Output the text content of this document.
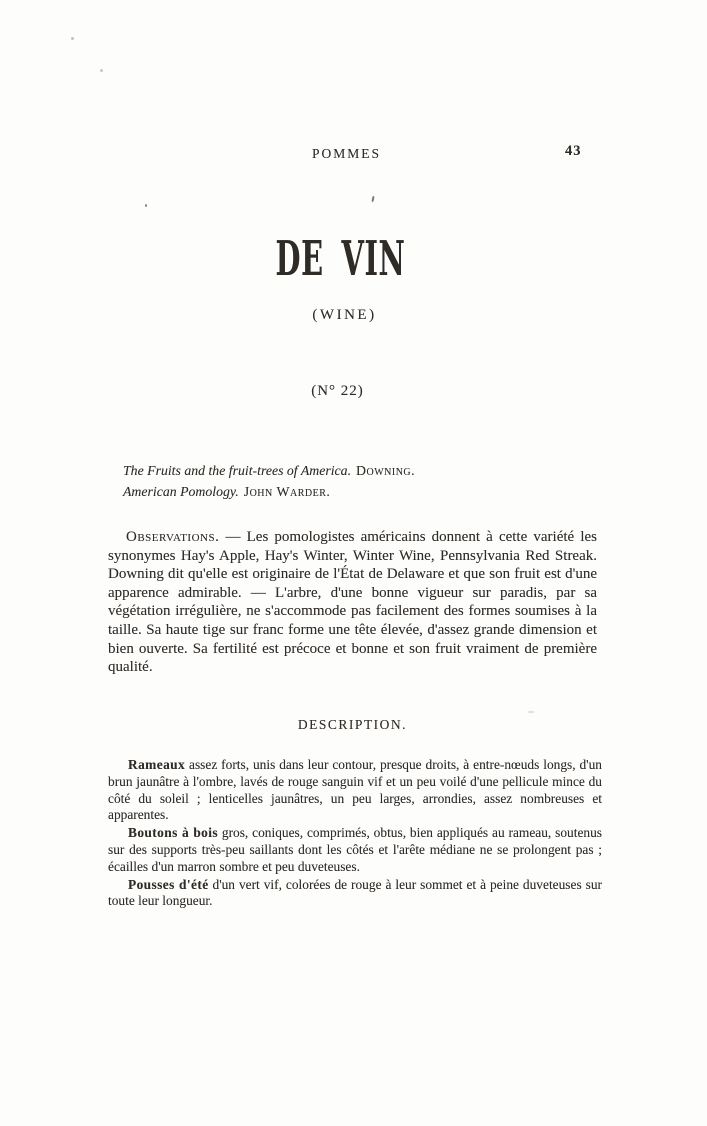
POMMES	43
DE VIN
(WINE)
(N° 22)
The Fruits and the fruit-trees of America. Downing.
American Pomology. John Warder.

Observations. — Les pomologistes américains donnent à cette variété les synonymes Hay's Apple, Hay's Winter, Winter Wine, Pennsylvania Red Streak. Downing dit qu'elle est originaire de l'État de Delaware et que son fruit est d'une apparence admirable. — L'arbre, d'une bonne vigueur sur paradis, par sa végétation irrégulière, ne s'accommode pas facilement des formes soumises à la taille. Sa haute tige sur franc forme une tête élevée, d'assez grande dimension et bien ouverte. Sa fertilité est précoce et bonne et son fruit vraiment de première qualité.

DESCRIPTION.

Rameaux assez forts, unis dans leur contour, presque droits, à entre-nœuds longs, d'un brun jaunâtre à l'ombre, lavés de rouge sanguin vif et un peu voilé d'une pellicule mince du côté du soleil ; lenticelles jaunâtres, un peu larges, arrondies, assez nombreuses et apparentes.

Boutons à bois gros, coniques, comprimés, obtus, bien appliqués au rameau, soutenus sur des supports très-peu saillants dont les côtés et l'arête médiane ne se prolongent pas ; écailles d'un marron sombre et peu duveteuses.

Pousses d'été d'un vert vif, colorées de rouge à leur sommet et à peine duveteuses sur toute leur longueur.
